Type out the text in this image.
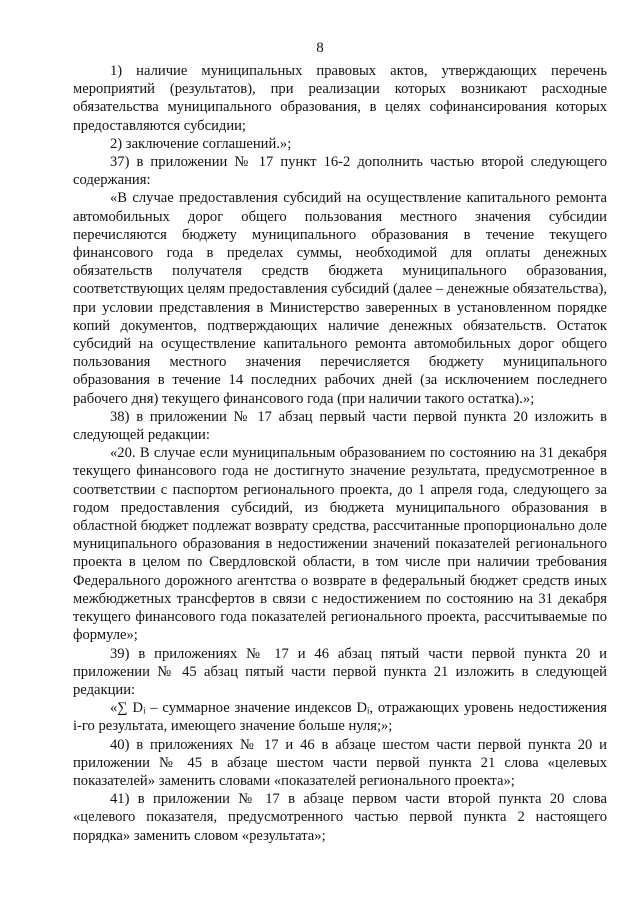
8

1) наличие муниципальных правовых актов, утверждающих перечень мероприятий (результатов), при реализации которых возникают расходные обязательства муниципального образования, в целях софинансирования которых предоставляются субсидии;

2) заключение соглашений.»;

37) в приложении № 17 пункт 16-2 дополнить частью второй следующего содержания:

«В случае предоставления субсидий на осуществление капитального ремонта автомобильных дорог общего пользования местного значения субсидии перечисляются бюджету муниципального образования в течение текущего финансового года в пределах суммы, необходимой для оплаты денежных обязательств получателя средств бюджета муниципального образования, соответствующих целям предоставления субсидий (далее – денежные обязательства), при условии представления в Министерство заверенных в установленном порядке копий документов, подтверждающих наличие денежных обязательств. Остаток субсидий на осуществление капитального ремонта автомобильных дорог общего пользования местного значения перечисляется бюджету муниципального образования в течение 14 последних рабочих дней (за исключением последнего рабочего дня) текущего финансового года (при наличии такого остатка).»;

38) в приложении № 17 абзац первый части первой пункта 20 изложить в следующей редакции:

«20. В случае если муниципальным образованием по состоянию на 31 декабря текущего финансового года не достигнуто значение результата, предусмотренное в соответствии с паспортом регионального проекта, до 1 апреля года, следующего за годом предоставления субсидий, из бюджета муниципального образования в областной бюджет подлежат возврату средства, рассчитанные пропорционально доле муниципального образования в недостижении значений показателей регионального проекта в целом по Свердловской области, в том числе при наличии требования Федерального дорожного агентства о возврате в федеральный бюджет средств иных межбюджетных трансфертов в связи с недостижением по состоянию на 31 декабря текущего финансового года показателей регионального проекта, рассчитываемые по формуле»;

39) в приложениях № 17 и 46 абзац пятый части первой пункта 20 и приложении № 45 абзац пятый части первой пункта 21 изложить в следующей редакции:

«∑ Dᵢ – суммарное значение индексов Dᵢ, отражающих уровень недостижения i-го результата, имеющего значение больше нуля;»;

40) в приложениях № 17 и 46 в абзаце шестом части первой пункта 20 и приложении № 45 в абзаце шестом части первой пункта 21 слова «целевых показателей» заменить словами «показателей регионального проекта»;

41) в приложении № 17 в абзаце первом части второй пункта 20 слова «целевого показателя, предусмотренного частью первой пункта 2 настоящего порядка» заменить словом «результата»;
